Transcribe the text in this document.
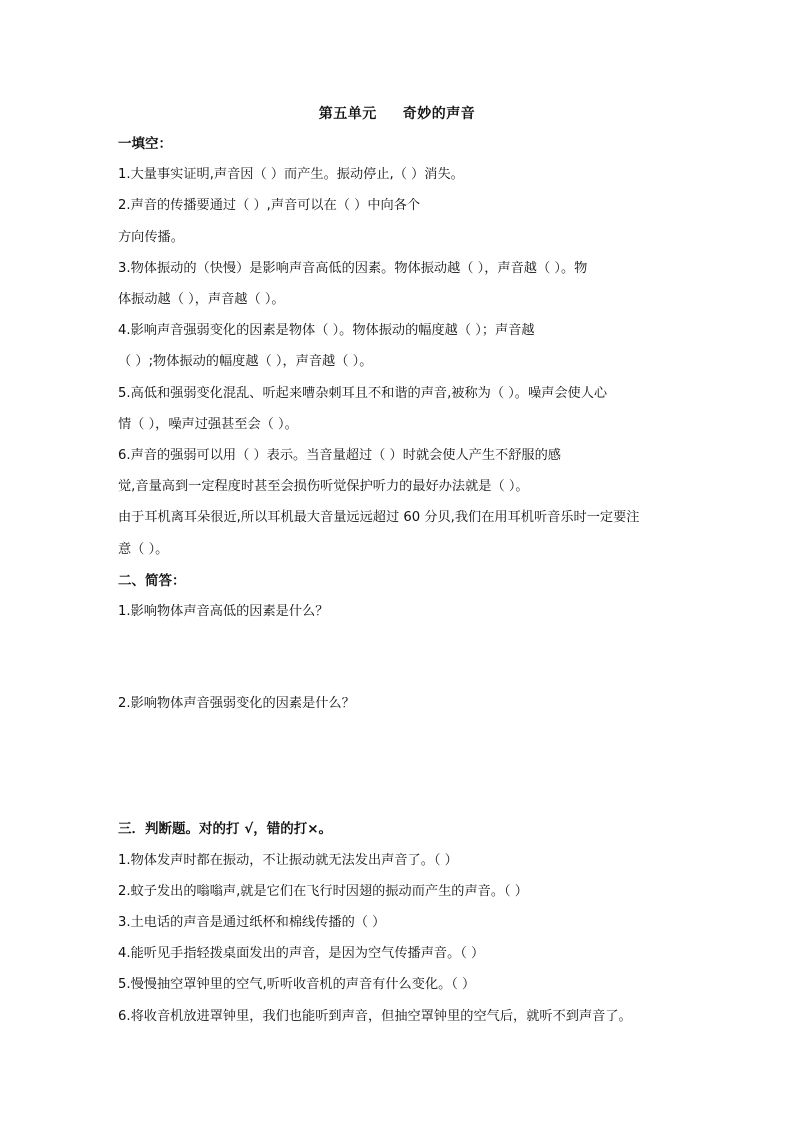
第五单元 奇妙的声音
一填空：
1.大量事实证明,声音因（ ）而产生。振动停止,（ ）消失。
2.声音的传播要通过（ ）,声音可以在（ ）中向各个
方向传播。
3.物体振动的（快慢）是影响声音高低的因素。物体振动越（ ），声音越（ ）。物
体振动越（ ），声音越（ ）。
4.影响声音强弱变化的因素是物体（ ）。物体振动的幅度越（ ）；声音越
（ ）;物体振动的幅度越（ ），声音越（ ）。
5.高低和强弱变化混乱、听起来嘈杂刺耳且不和谐的声音,被称为（ ）。噪声会使人心
情（ ），噪声过强甚至会（ ）。
6.声音的强弱可以用（ ）表示。当音量超过（ ）时就会使人产生不舒服的感
觉,音量高到一定程度时甚至会损伤听觉保护听力的最好办法就是（ ）。
由于耳机离耳朵很近,所以耳机最大音量远远超过 60 分贝,我们在用耳机听音乐时一定要注
意（ ）。
二、简答：
1.影响物体声音高低的因素是什么？
2.影响物体声音强弱变化的因素是什么？
三．判断题。对的打 √，错的打×。
1.物体发声时都在振动，不让振动就无法发出声音了。（ ）
2.蚊子发出的嗡嗡声,就是它们在飞行时因翅的振动而产生的声音。（ ）
3.土电话的声音是通过纸杯和棉线传播的（ ）
4.能听见手指轻拨桌面发出的声音，是因为空气传播声音。（ ）
5.慢慢抽空罩钟里的空气,听听收音机的声音有什么变化。（ ）
6.将收音机放进罩钟里，我们也能听到声音，但抽空罩钟里的空气后，就听不到声音了。
